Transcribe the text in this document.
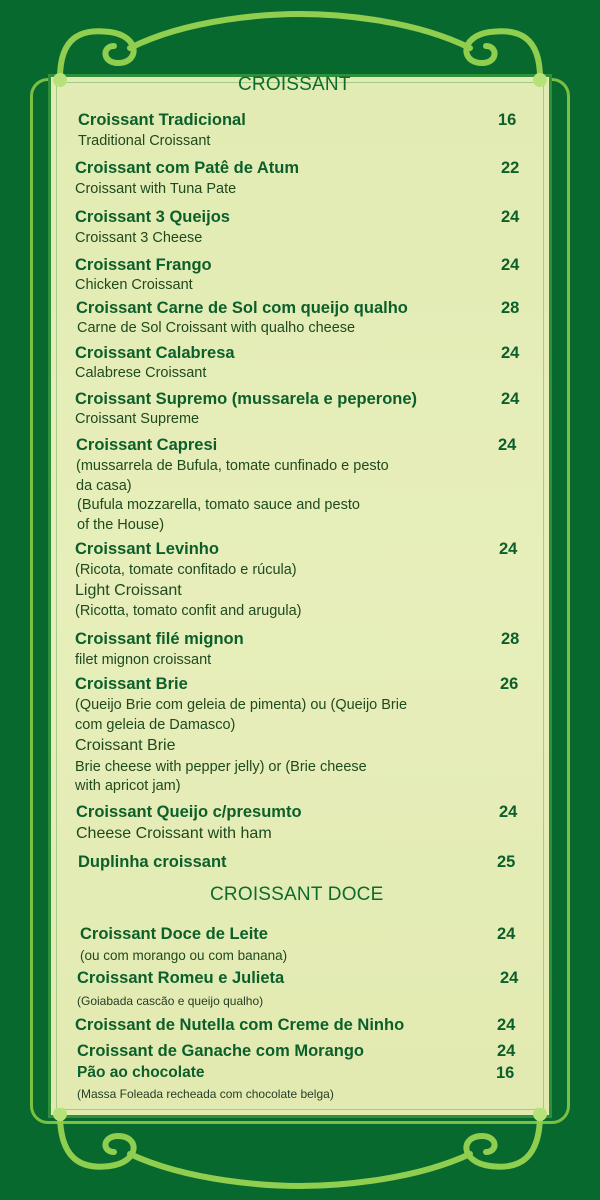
CROISSANT
CROISSANT DOCE
Croissant Tradicional	16
Traditional Croissant
Croissant com Patê de Atum	22
Croissant with Tuna Pate
Croissant 3 Queijos	24
Croissant 3 Cheese
Croissant Frango	24
Chicken Croissant
Croissant Carne de Sol com queijo qualho	28
Carne de Sol Croissant with qualho cheese
Croissant Calabresa	24
Calabrese Croissant
Croissant Supremo (mussarela e peperone)	24
Croissant Supreme
Croissant Capresi	24
(mussarrela de Bufula, tomate cunfinado e pesto
da casa)
(Bufula mozzarella, tomato sauce and pesto
of the House)
Croissant Levinho	24
(Ricota, tomate confitado e rúcula)
Light Croissant
(Ricotta, tomato confit and arugula)
Croissant filé mignon	28
filet mignon croissant
Croissant Brie	26
(Queijo Brie com geleia de pimenta) ou (Queijo Brie
com geleia de Damasco)
Croissant Brie
Brie cheese with pepper jelly) or (Brie cheese
with apricot jam)
Croissant Queijo c/presumto	24
Cheese Croissant with ham
Duplinha croissant	25
Croissant Doce de Leite	24
(ou com morango ou com banana)
Croissant Romeu e Julieta	24
(Goiabada cascão e queijo qualho)
Croissant de Nutella com Creme de Ninho	24
Croissant de Ganache com Morango	24
Pão ao chocolate	16
(Massa Foleada recheada com chocolate belga)
